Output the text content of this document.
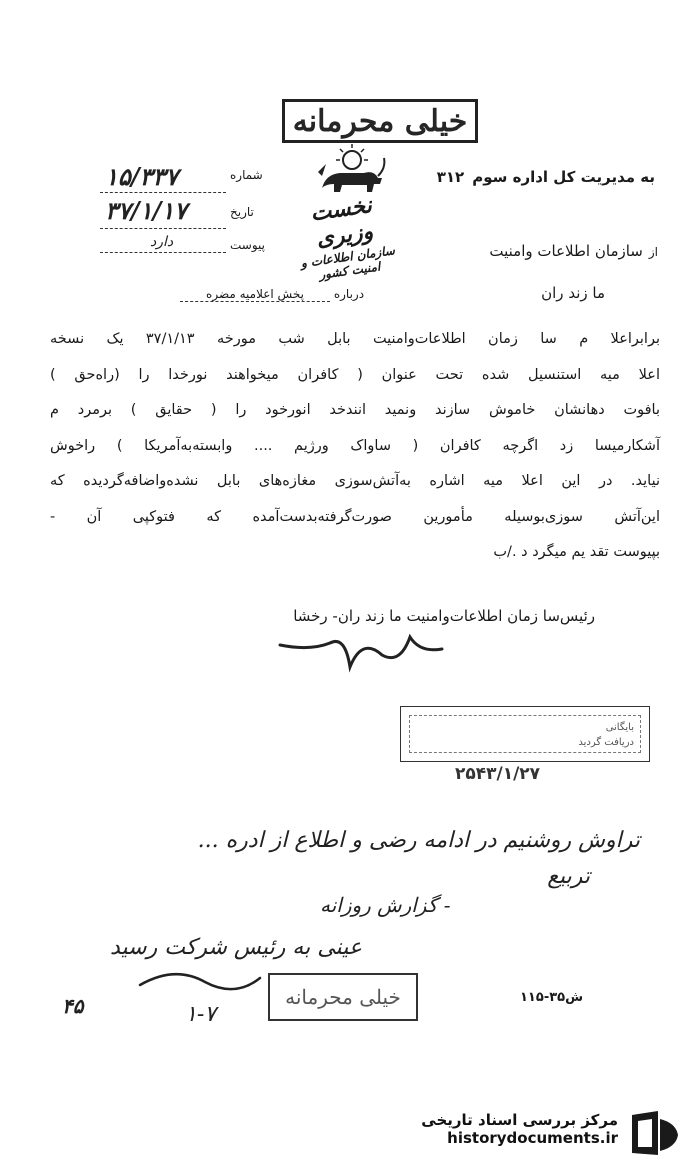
خیلی محرمانه
به مدیریت کل اداره سوم۳۱۲
نخست وزیری
سازمان اطلاعات و امنیت کشور
شماره
۱۵/۳۳۷
تاریخ
۳۷/۱/۱۷
پیوست
دارد
ازسازمان اطلاعات وامنیت
ما زند ران
درباره پخش اعلامیه مضره
برابراعلا م سا زمان اطلاعات‌وامنیت بابل شب مورخه ۳۷/۱/۱۳ یک نسخه
اعلا میه استنسیل شده تحت عنوان ( کافران میخواهند نورخدا را (راه‌حق )
بافوت دهانشان خاموش سازند ونمید انندخد انورخود را ( حقایق ) برمرد م
آشکارمیسا زد اگرچه کافران ( ساواک ورژیم .... وابسته‌به‌آمریکا ) راخوش
نیاید. در این اعلا میه اشاره به‌آتش‌سوزی مغازه‌های بابل نشده‌واضافه‌گردیده که
این‌آتش سوزی‌بوسیله مأمورین صورت‌گرفته‌بدست‌آمده که فتوکپی آن -
بپیوست تقد یم میگرد د ./ب
رئیس‌سا زمان اطلاعات‌وامنیت ما زند ران- رخشا
بایگانی
دریافت گردید
۲۵۴۳/۱/۲۷
تراوش روشنیم در ادامه رضی و اطلاع از ادره ...
تربیع
- گزارش روزانه
عینی به رئیس شرکت رسید
۱-۷
خیلی محرمانه	ش۳۵-۱۱۵
۴۵
مرکز بررسی اسناد تاریخی
historydocuments.ir
